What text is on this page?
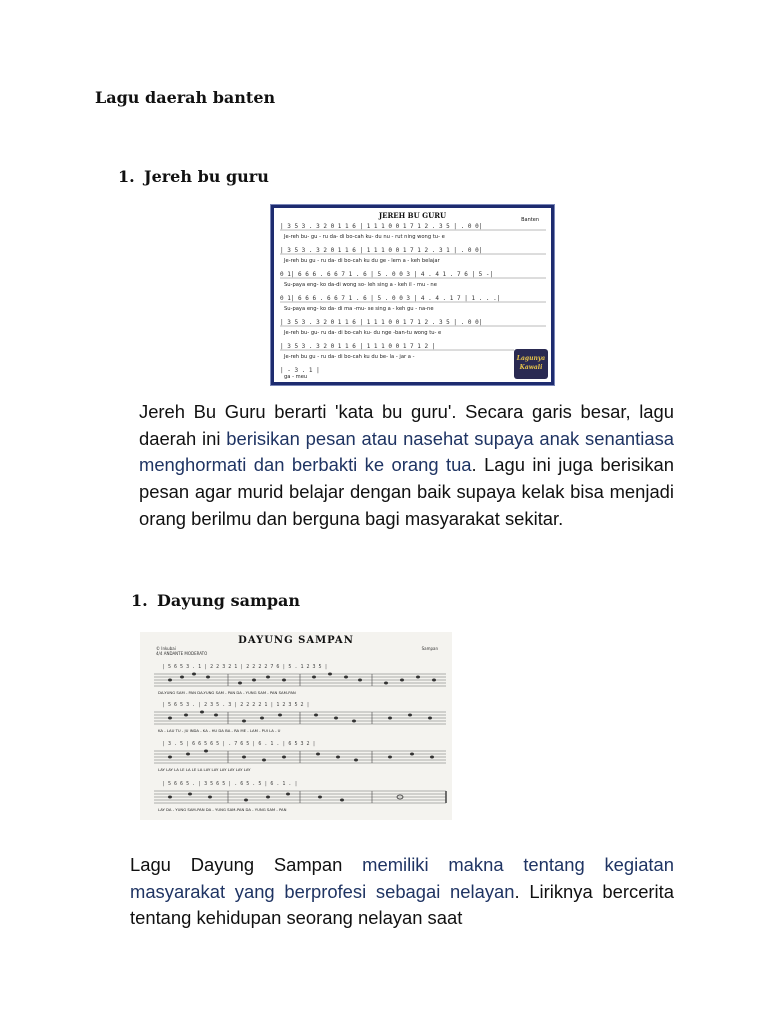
Lagu daerah banten
1. Jereh bu guru
| 3 5 3 . 3 2 0 1 1 6 | 1 1 1 0 0 1 7 1 2 . 3 5 | . 0 0|
| 3 5 3 . 3 2 0 1 1 6 | 1 1 1 0 0 1 7 1 2 . 3 1 | . 0 0|
0 1| 6 6 6 . 6 6 7 1 . 6 | 5 . 0 0 3 | 4 . 4 1 . 7 6 | 5 -|
0 1| 6 6 6 . 6 6 7 1 . 6 | 5 . 0 0 3 | 4 . 4 . 1 7 | 1 . . .|
| 3 5 3 . 3 2 0 1 1 6 | 1 1 1 0 0 1 7 1 2 . 3 5 | . 0 0|
| 3 5 3 . 3 2 0 1 1 6 | 1 1 1 0 0 1 7 1 2 |
| - 3 . 1 |
Je-reh bu- gu - ru da- di bo-cah ku- du nu - rut ning wong tu- e
Je-reh bu gu - ru da- di bo-cah ku du ge - lem a - keh belajar
Su-paya eng- ko da-di wong so- leh sing a - keh il - mu - ne
Su-paya eng- ko da- di ma -mu- se sing a - keh gu - na-ne
Je-reh bu- gu- ru da- di bo-cah ku- du nge -ban-tu wong tu- e
Je-reh bu gu - ru da- di bo-cah ku du be- la - jar a -
ga - meu
JEREH BU GURU	Banten
Lagunya
Kawali

Jereh Bu Guru berarti 'kata bu guru'. Secara garis besar, lagu daerah ini berisikan pesan atau nasehat supaya anak senantiasa menghormati dan berbakti ke orang tua. Lagu ini juga berisikan pesan agar murid belajar dengan baik supaya kelak bisa menjadi orang berilmu dan berguna bagi masyarakat sekitar.

1. Dayung sampan
| 5 6 5 3 . 1 | 2 2 3 2 1 | 2 2 2 2 7 6 | 5 . 1 2 3 5 |
| 5 6 5 3 . | 2 3 5 . 3 | 2 2 2 2 1 | 1 2 3 5 2 |
| 3 . 5 | 6 6 5 6 5 | . 7 6 5 | 6 . 1 . | 6 5 3 2 |
| 5 6 6 5 . | 3 5 6 5 | . 6 5 . 5 | 6 . 1 . |
DA-YUNG SAM - PAN DA-YUNG SAM - PAN DA - YUNG SAM - PAN SAM-PAN
KA - LAU TU - JU INDA - KA - HU DA BA - RA ME - LAM - PUI LA - U
LAY LAY LA LE LA LE LA LAY LAY LAY LAY LAY LAY
LAY DA - YUNG SAM-PAN DA - YUNG SAM-PAN DA - YUNG SAM - PAN
DAYUNG SAMPAN
© Inkubai
4/4 ANDANTE MODERATO
Sampan

Lagu Dayung Sampan memiliki makna tentang kegiatan masyarakat yang berprofesi sebagai nelayan. Liriknya bercerita tentang kehidupan seorang nelayan saat
